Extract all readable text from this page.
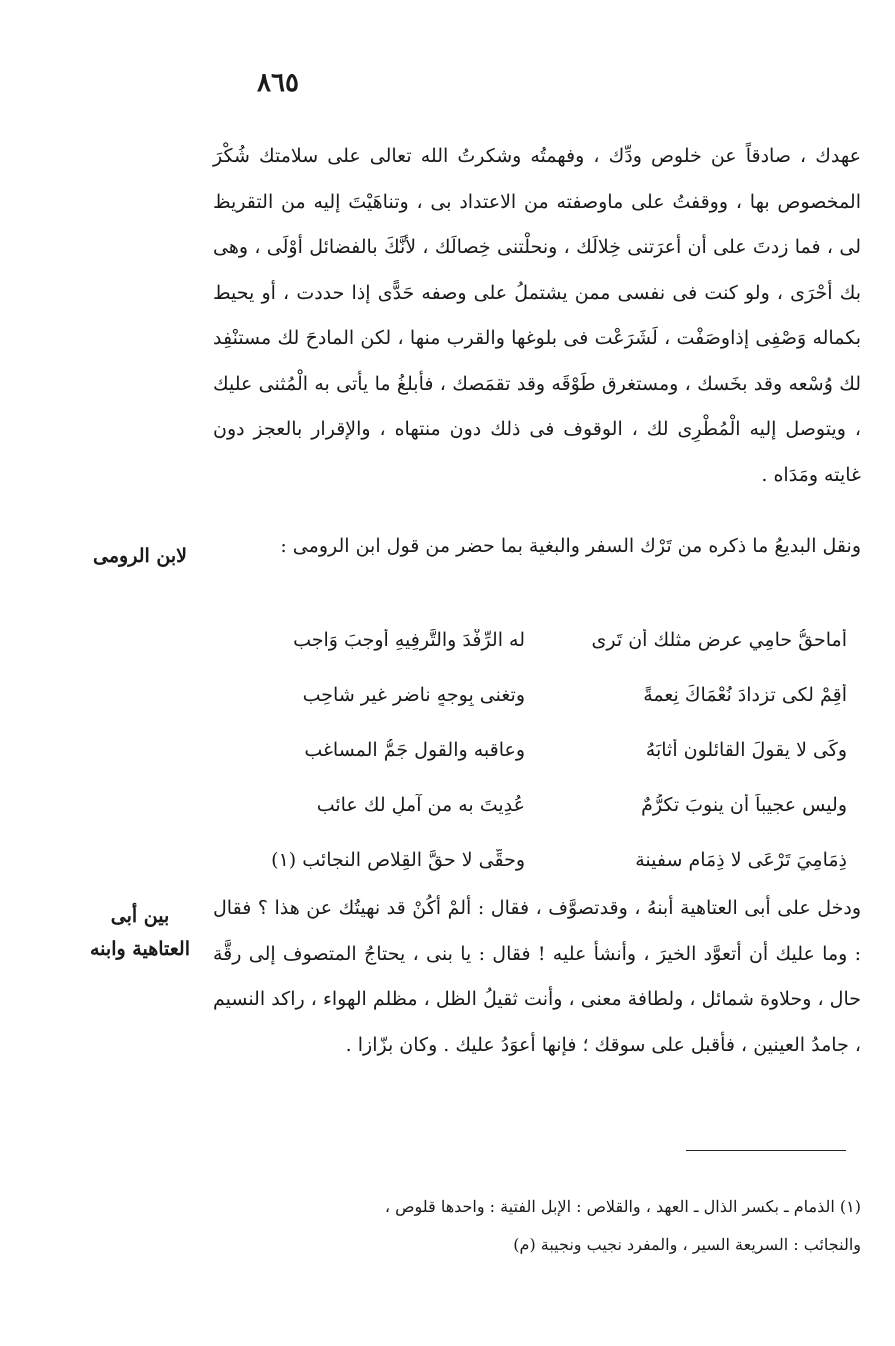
٨٦٥

عهدك ، صادقاً عن خلوص ودِّك ، وفهمتُه وشكرتُ الله تعالى على سلامتك شُكْرَ المخصوص بها ، ووقفتُ على ماوصفته من الاعتداد بى ، وتناهَيْتَ إليه من التقريظ لى ، فما زدتَ على أن أعرَتنى خِلالَك ، ونحلْتنى خِصالَك ، لأنَّكَ بالفضائل أوْلَى ، وهى بك أحْرَى ، ولو كنت فى نفسى ممن يشتملُ على وصفه حَدًّى إذا حددت ، أو يحيط بكماله وَصْفِى إذاوصَفْت ، لَشَرَعْت فى بلوغها والقرب منها ، لكن المادحَ لك مستنْفِد لك وُسْعه وقد بخَسك ، ومستغرق طَوْقَه وقد تقمَصك ، فأبلغُ ما يأتى به الْمُثنى عليك ، ويتوصل إليه الْمُطْرِى لك ، الوقوف فى ذلك دون منتهاه ، والإقرار بالعجز دون غايته ومَدَاه .

لابن الرومى	ونقل البديعُ ما ذكره من تَرْك السفر والبغية بما حضر من قول ابن الرومى :

أماحقُّ حامِي عرضٍ مثلك أن تَرى
له الرِّفْدَ والتَّرفِيهِ أوجبَ وَاجب
أقِمْ لكى تزدادَ نُعْمَاكَ نِعمةً
وتغنى بِوجهٍ ناضرٍ غيرِ شاحِب
وكَى لا يقولَ القائلون أثابَهُ
وعاقبه والقول جَمُّ المساغب
وليس عجيباً أن ينوبَ تكرُّمٌ
عُدِيتَ به من آملٍ لك عائب
ذِمَامِيَ تَرْعَى لا ذِمَام سفينة
وحقِّى لا حقَّ القِلاص النجائب (١)
بين أبى العتاهية وابنه

ودخل على أبى العتاهية أبنهُ ، وقدتصوَّف ، فقال : ألمْ أكُنْ قد نهيتُك عن هذا ؟ فقال : وما عليك أن أتعوَّد الخيرَ ، وأنشأ عليه ! فقال : يا بنى ، يحتاجُ المتصوف إلى رقَّة حال ، وحلاوة شمائل ، ولطافة معنى ، وأنت ثقيلُ الظل ، مظلم الهواء ، راكد النسيم ، جامدُ العينين ، فأقبل على سوقك ؛ فإنها أعوَدُ عليك . وكان بزّازا .

(١) الذمام ـ بكسر الذال ـ العهد ، والقلاص : الإبل الفتية : واحدها قلوص ،

والنجائب : السريعة السير ، والمفرد نجيب ونجيبة (م)
